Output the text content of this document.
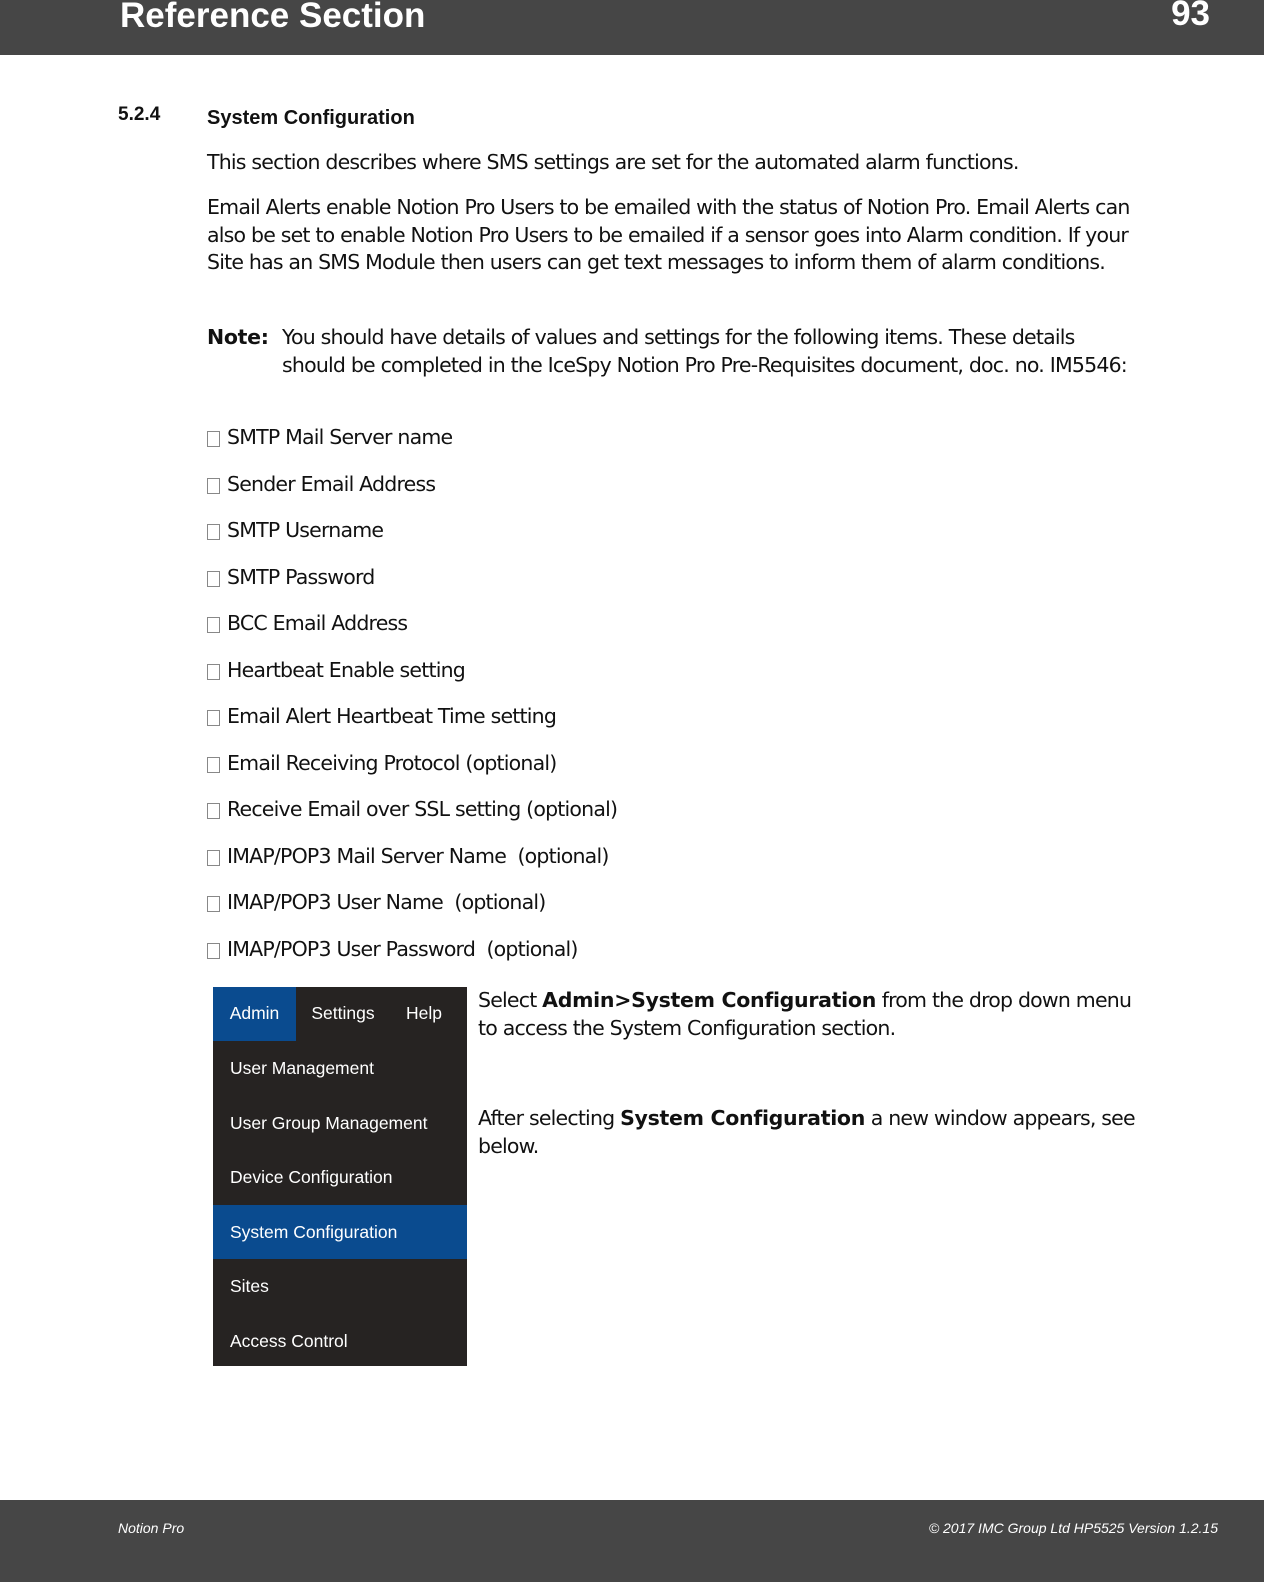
Reference Section	93
5.2.4 System Configuration

This section describes where SMS settings are set for the automated alarm functions.

Email Alerts enable Notion Pro Users to be emailed with the status of Notion Pro. Email Alerts can also be set to enable Notion Pro Users to be emailed if a sensor goes into Alarm condition. If your Site has an SMS Module then users can get text messages to inform them of alarm conditions.

Note: You should have details of values and settings for the following items. These details should be completed in the IceSpy Notion Pro Pre-Requisites document, doc. no. IM5546:

SMTP Mail Server name
Sender Email Address
SMTP Username
SMTP Password
BCC Email Address
Heartbeat Enable setting
Email Alert Heartbeat Time setting
Email Receiving Protocol (optional)
Receive Email over SSL setting (optional)
IMAP/POP3 Mail Server Name  (optional)
IMAP/POP3 User Name  (optional)
IMAP/POP3 User Password  (optional)
Admin	Settings	Help
User Management
User Group Management
Device Configuration
System Configuration
Sites
Access Control

Select Admin>System Configuration from the drop down menu to access the System Configuration section.

After selecting System Configuration a new window appears, see below.

Notion Pro	© 2017 IMC Group Ltd HP5525 Version 1.2.15
